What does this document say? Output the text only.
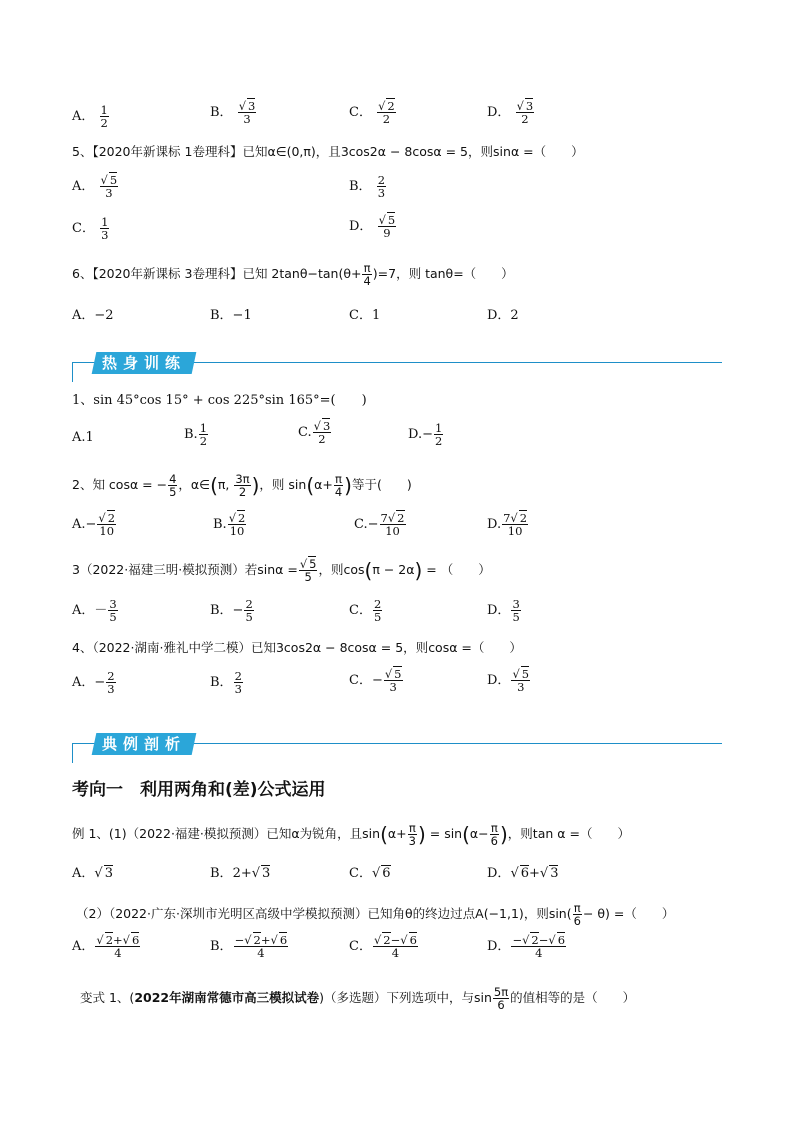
A． $\frac{1}{2}$	B． $\frac{√ 3}{3}$	C． $\frac{√ 2}{2}$	D． $\frac{√ 3}{2}$
5、【2020年新课标 1卷理科】已知α∈(0,π)，且3cos2α − 8cosα = 5，则sinα =（　　）
A． $\frac{√ 5}{3}$	B． $\frac{2}{3}$
C． $\frac{1}{3}$	D． $\frac{√ 5}{9}$
6、【2020年新课标 3卷理科】已知 $2\tan\theta-\tan(\theta+ \frac{\pi}{4} )=7$，则 tanθ=（　　）
A．−2	B．−1	C．1	D．2
热身训练
1、sin 45°cos 15° + cos 225°sin 165°=(　　)
A.1	B. $\frac{1}{2}$	C. $\frac{√ 3}{2}$	$D.- \frac{1}{2}$
2、知 cosα = − $\frac{4}{5}$ ，α∈(π, $\frac{3\pi}{2}$ )，则 $\sin(\alpha+ \frac{\pi}{4}$ )等于(　　)
$A.- \frac{√ 2}{10}$	B. $\frac{√ 2}{10}$	$C.- \frac{7√ 2}{10}$	D. $\frac{7√ 2}{10}$
3（2022·福建三明·模拟预测）若$\sin\alpha = \frac{√ 5}{5}$ ，则cos(π − 2α) = （　　）
A．－ $\frac{3}{5}$	B．− $\frac{2}{5}$	C． $\frac{2}{5}$	D． $\frac{3}{5}$
4、（2022·湖南·雅礼中学二模）已知3cos2α − 8cosα = 5，则cosα =（　　）
A．− $\frac{2}{3}$	B． $\frac{2}{3}$	C．− $\frac{√ 5}{3}$	D． $\frac{√ 5}{3}$
典例剖析
考向一　利用两角和(差)公式运用
例 1、(1)（2022·福建·模拟预测）已知α为锐角，且$\sin(\alpha+ \frac{\pi}{3}$ ) = $\sin(\alpha- \frac{\pi}{6}$ )，则tan α =（　　）
A．√ 3	B．2+√ 3	C．√ 6	D．√ 6+√ 3
（2）（2022·广东·深圳市光明区高级中学模拟预测）已知角θ的终边过点A(−1,1)，则$\sin( \frac{\pi}{6} - \theta)$ =（　　）
A． $\frac{√ 2+√ 6}{4}$	B． $\frac{-√ 2+√ 6}{4}$	C． $\frac{√ 2-√ 6}{4}$	D． $\frac{-√ 2-√ 6}{4}$
变式 1、(2022年湖南常德市高三模拟试卷)（多选题）下列选项中，与$\sin \frac{5\pi}{6}$ 的值相等的是（　　）
